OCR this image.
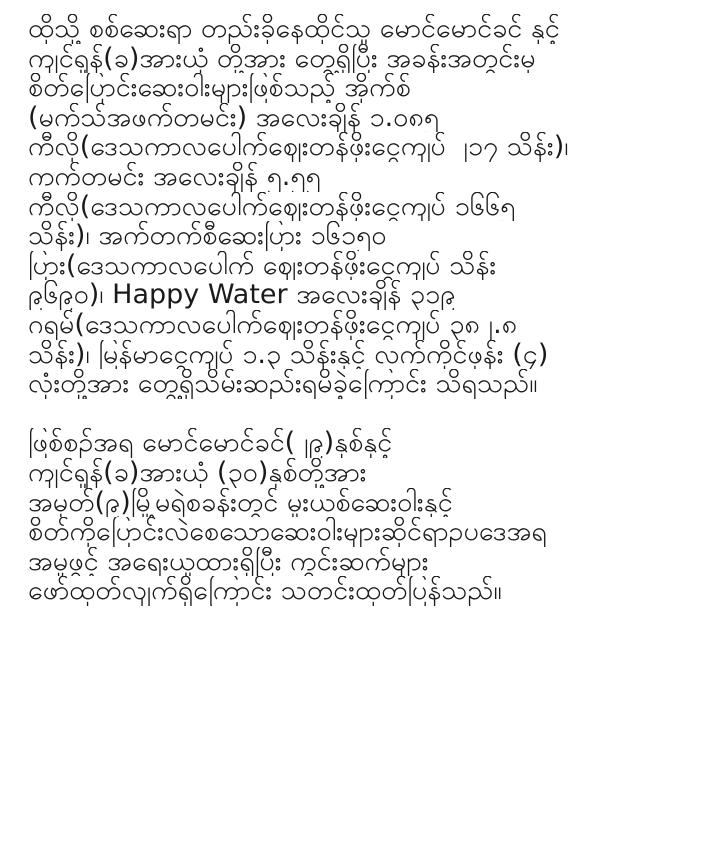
ထိုသို့ စစ်ဆေးရာ တည်းခိုနေထိုင်သူ မောင်မောင်ခင် နှင့်
ကျင်ရှုန်(ခ)အားယုံ တို့အား တွေ့ရှိပြီး အခန်းအတွင်းမှ
စိတ်ပြောင်းဆေးဝါးများဖြစ်သည့် အိုက်စ်
(မက်သ်အဖက်တမင်း) အလေးချိန် ၁.၀၈၅
ကီလို(ဒေသကာလပေါက်ဈေးတန်ဖိုးငွေကျပ် ၂၁၇ သိန်း)၊
ကက်တမင်း အလေးချိန် ၅.၅၅
ကီလို(ဒေသကာလပေါက်ဈေးတန်ဖိုးငွေကျပ် ၁၆၆၅
သိန်း)၊ အက်တက်စီဆေးပြား ၁၆၁၅၀
ပြား(ဒေသကာလပေါက် ဈေးတန်ဖိုးငွေကျပ် သိန်း
၉၆၉၀)၊ Happy Water အလေးချိန် ၃၁၉
ဂရမ်(ဒေသကာလပေါက်ဈေးတန်ဖိုးငွေကျပ် ၃၈၂.၈
သိန်း)၊ မြန်မာငွေကျပ် ၁.၃ သိန်းနှင့် လက်ကိုင်ဖုန်း (၄)
လုံးတို့အား တွေ့ရှိသိမ်းဆည်းရမိခဲ့ကြောင်း သိရသည်။

ဖြစ်စဉ်အရ မောင်မောင်ခင်(၂၉)နှစ်နှင့်
ကျင်ရှုန်(ခ)အားယုံ (၃၀)နှစ်တို့အား
အမှတ်(၉)မြို့မရဲစခန်းတွင် မူးယစ်ဆေးဝါးနှင့်
စိတ်ကိုပြောင်းလဲစေသောဆေးဝါးများဆိုင်ရာဥပဒေအရ
အမှုဖွင့် အရေးယူထားရှိပြီး ကွင်းဆက်များ
ဖော်ထုတ်လျက်ရှိကြောင်း သတင်းထုတ်ပြန်သည်။
